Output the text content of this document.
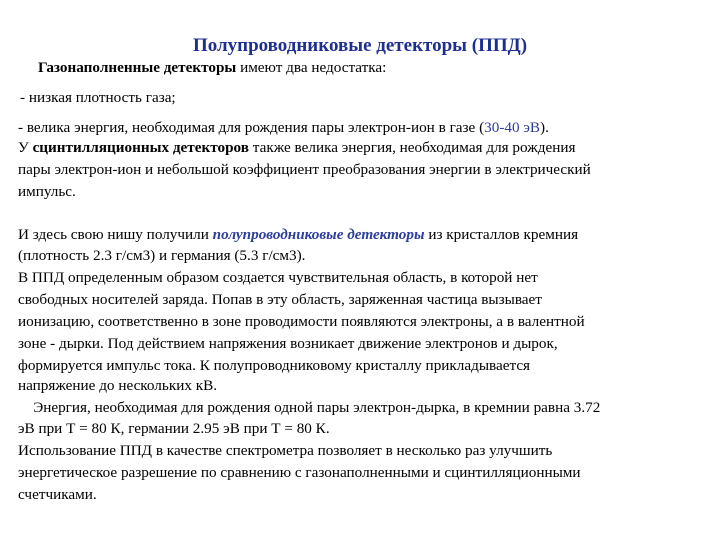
Полупроводниковые детекторы (ППД)
Газонаполненные детекторы имеют два недостатка:
- низкая плотность газа;
- велика энергия, необходимая для рождения пары электрон-ион в газе (30-40 эВ).
У сцинтилляционных детекторов также велика энергия, необходимая для рождения
пары электрон-ион и небольшой коэффициент преобразования энергии в электрический
импульс.
И здесь свою нишу получили полупроводниковые детекторы из кристаллов кремния
(плотность 2.3 г/см3) и германия (5.3 г/см3).
В ППД определенным образом создается чувствительная область, в которой нет
свободных носителей заряда. Попав в эту область, заряженная частица вызывает
ионизацию, соответственно в зоне проводимости появляются электроны, а в валентной
зоне - дырки. Под действием напряжения возникает движение электронов и дырок,
формируется импульс тока. К полупроводниковому кристаллу прикладывается
напряжение до нескольких кВ.
Энергия, необходимая для рождения одной пары электрон-дырка, в кремнии равна 3.72
эВ при Т = 80 К, германии 2.95 эВ при Т = 80 К.
Использование ППД в качестве спектрометра позволяет в несколько раз улучшить
энергетическое разрешение по сравнению с газонаполненными и сцинтилляционными
счетчиками.
